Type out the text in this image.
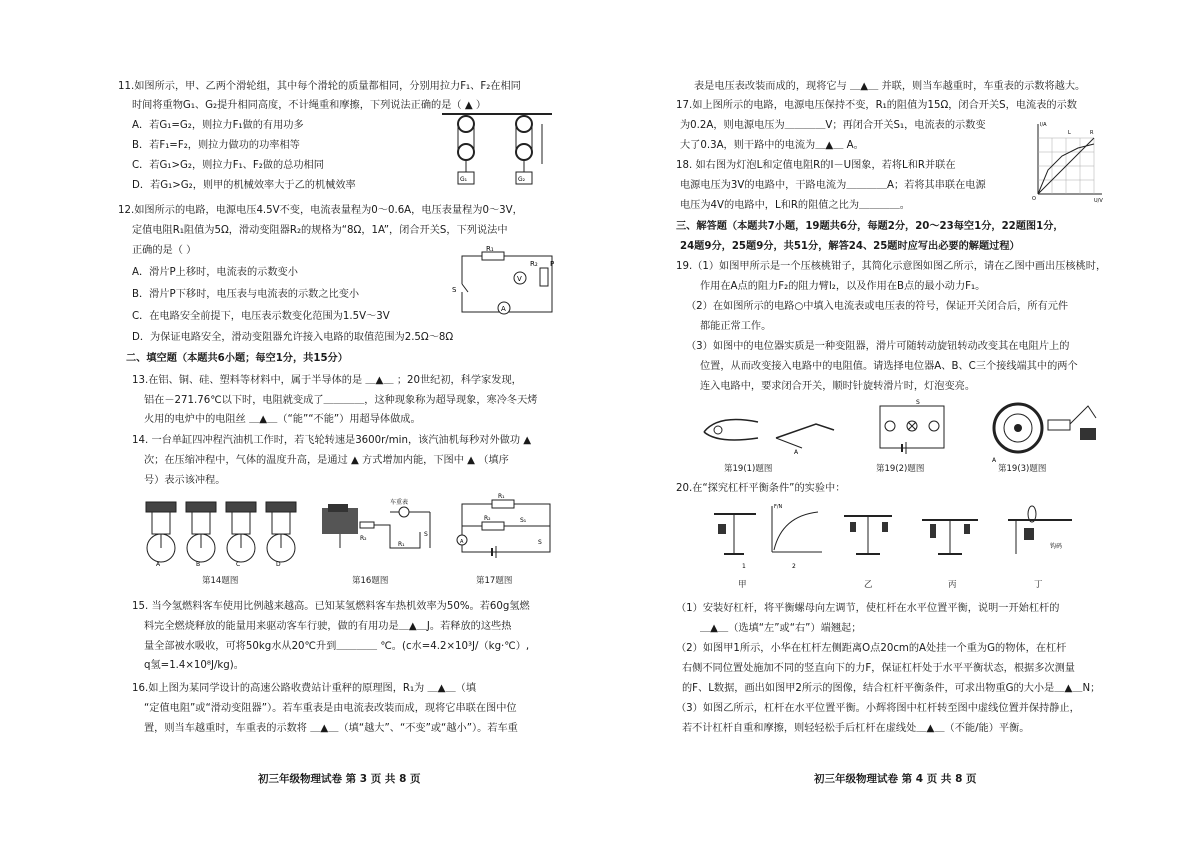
11.如图所示，甲、乙两个滑轮组，其中每个滑轮的质量都相同，分别用拉力F₁、F₂在相同
时间将重物G₁、G₂提升相同高度，不计绳重和摩擦，下列说法正确的是（ ▲ ）
A．若G₁=G₂，则拉力F₁做的有用功多
B．若F₁=F₂，则拉力做功的功率相等
C．若G₁>G₂，则拉力F₁、F₂做的总功相同
D．若G₁>G₂，则甲的机械效率大于乙的机械效率
G₁	G₂
12.如图所示的电路，电源电压4.5V不变，电流表量程为0～0.6A，电压表量程为0～3V，
定值电阻R₁阻值为5Ω，滑动变阻器R₂的规格为“8Ω，1A”，闭合开关S，下列说法中
正确的是（ ）
A．滑片P上移时，电流表的示数变小
B．滑片P下移时，电压表与电流表的示数之比变小
C．在电路安全前提下，电压表示数变化范围为1.5V～3V
D．为保证电路安全，滑动变阻器允许接入电路的取值范围为2.5Ω～8Ω
R₁
V
R₂ P
A
S
二、填空题（本题共6小题；每空1分，共15分）
13.在铝、铜、硅、塑料等材料中，属于半导体的是 ＿▲＿ ；20世纪初，科学家发现，
铝在－271.76℃以下时，电阻就变成了＿＿＿＿，这种现象称为超导现象，寒冷冬天烤
火用的电炉中的电阻丝 ＿▲＿（“能”“不能”）用超导体做成。
14. 一台单缸四冲程汽油机工作时，若飞轮转速是3600r/min，该汽油机每秒对外做功 ▲
次；在压缩冲程中，气体的温度升高，是通过 ▲ 方式增加内能，下图中 ▲ （填序
号）表示该冲程。
A	B	C	D
R₂
车重表
S
R₁
R₁
R₂	S₁
A	S
第14题图	第16题图	第17题图
15. 当今氢燃料客车使用比例越来越高。已知某氢燃料客车热机效率为50%。若60g氢燃
料完全燃烧释放的能量用来驱动客车行驶，做的有用功是＿▲＿J。若释放的这些热
量全部被水吸收，可将50kg水从20℃升到＿＿＿＿ ℃。(c水=4.2×10³J/（kg·℃）,
q氢=1.4×10⁸J/kg)。
16.如上图为某同学设计的高速公路收费站计重秤的原理图，R₁为 ＿▲＿（填
“定值电阻”或“滑动变阻器”）。若车重表是由电流表改装而成，现将它串联在图中位
置，则当车越重时，车重表的示数将 ＿▲＿（填“越大”、“不变”或“越小”）。若车重
初三年级物理试卷 第 3 页 共 8 页
表是电压表改装而成的，现将它与 ＿▲＿ 并联，则当车越重时，车重表的示数将越大。
17.如上图所示的电路，电源电压保持不变，R₁的阻值为15Ω，闭合开关S，电流表的示数
为0.2A，则电源电压为＿＿＿＿V；再闭合开关S₁，电流表的示数变
大了0.3A，则干路中的电流为＿▲＿ A。
18. 如右图为灯泡L和定值电阻R的I－U图象，若将L和R并联在
电源电压为3V的电路中，干路电流为＿＿＿＿A；若将其串联在电源
电压为4V的电路中，L和R的阻值之比为＿＿＿＿。
I/A
U/V
O
L	R
三、解答题（本题共7小题，19题共6分，每题2分，20～23每空1分，22题图1分，
24题9分，25题9分，共51分，解答24、25题时应写出必要的解题过程）
19.（1）如图甲所示是一个压核桃钳子，其简化示意图如图乙所示，请在乙图中画出压核桃时，
作用在A点的阻力F₂的阻力臂l₂，以及作用在B点的最小动力F₁。
（2）在如图所示的电路○中填入电流表或电压表的符号，保证开关闭合后，所有元件
都能正常工作。
（3）如图中的电位器实质是一种变阻器，滑片可随转动旋钮转动改变其在电阻片上的
位置，从而改变接入电路中的电阻值。请选择电位器A、B、C三个接线端其中的两个
连入电路中，要求闭合开关，顺时针旋转滑片时，灯泡变亮。
A
S
A
第19(1)题图	第19(2)题图	第19(3)题图
20.在“探究杠杆平衡条件”的实验中：
F/N
1	2
钩码
甲	乙	丙	丁
（1）安装好杠杆，将平衡螺母向左调节，使杠杆在水平位置平衡，说明一开始杠杆的
＿▲＿（选填“左”或“右”）端翘起；
（2）如图甲1所示，小华在杠杆左侧距离O点20cm的A处挂一个重为G的物体，在杠杆
右侧不同位置处施加不同的竖直向下的力F，保证杠杆处于水平平衡状态，根据多次测量
的F、L数据，画出如图甲2所示的图像，结合杠杆平衡条件，可求出物重G的大小是＿▲＿N；
（3）如图乙所示，杠杆在水平位置平衡。小辉将图中杠杆转至图中虚线位置并保持静止，
若不计杠杆自重和摩擦，则轻轻松手后杠杆在虚线处＿▲＿（不能/能）平衡。
初三年级物理试卷 第 4 页 共 8 页
